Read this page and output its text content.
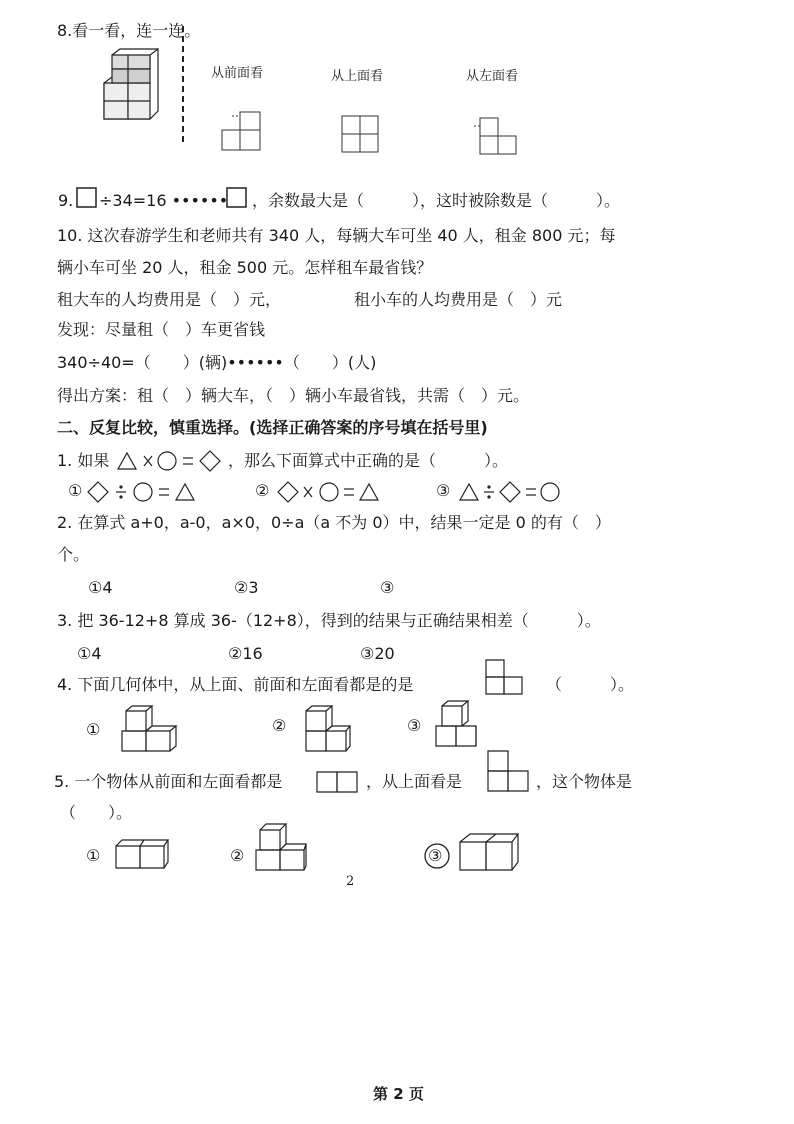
8.看一看，连一连。
从前面看	从上面看	从左面看
9. ÷34=16 •••••• ，余数最大是（　　　），这时被除数是（　　　）。
10. 这次春游学生和老师共有 340 人，每辆大车可坐 40 人，租金 800 元；每
辆小车可坐 20 人，租金 500 元。怎样租车最省钱？
租大车的人均费用是（　）元，	租小车的人均费用是（　）元
发现：尽量租（　）车更省钱
340÷40=（　　）(辆)••••••（　　）(人)
得出方案：租（　）辆大车，（　）辆小车最省钱，共需（　）元。
二、反复比较，慎重选择。(选择正确答案的序号填在括号里)
1. 如果	，那么下面算式中正确的是（　　　）。
①	②	③
2. 在算式 a+0，a-0，a×0，0÷a（a 不为 0）中，结果一定是 0 的有（　）
个。
①4	②3	③
3. 把 36-12+8 算成 36-（12+8），得到的结果与正确结果相差（　　　）。
①4	②16	③20
4. 下面几何体中，从上面、前面和左面看都是的是	（　　　）。
①	②	③
5. 一个物体从前面和左面看都是	，从上面看是	，这个物体是
（　　）。
①	②	③
2
第 2 页
